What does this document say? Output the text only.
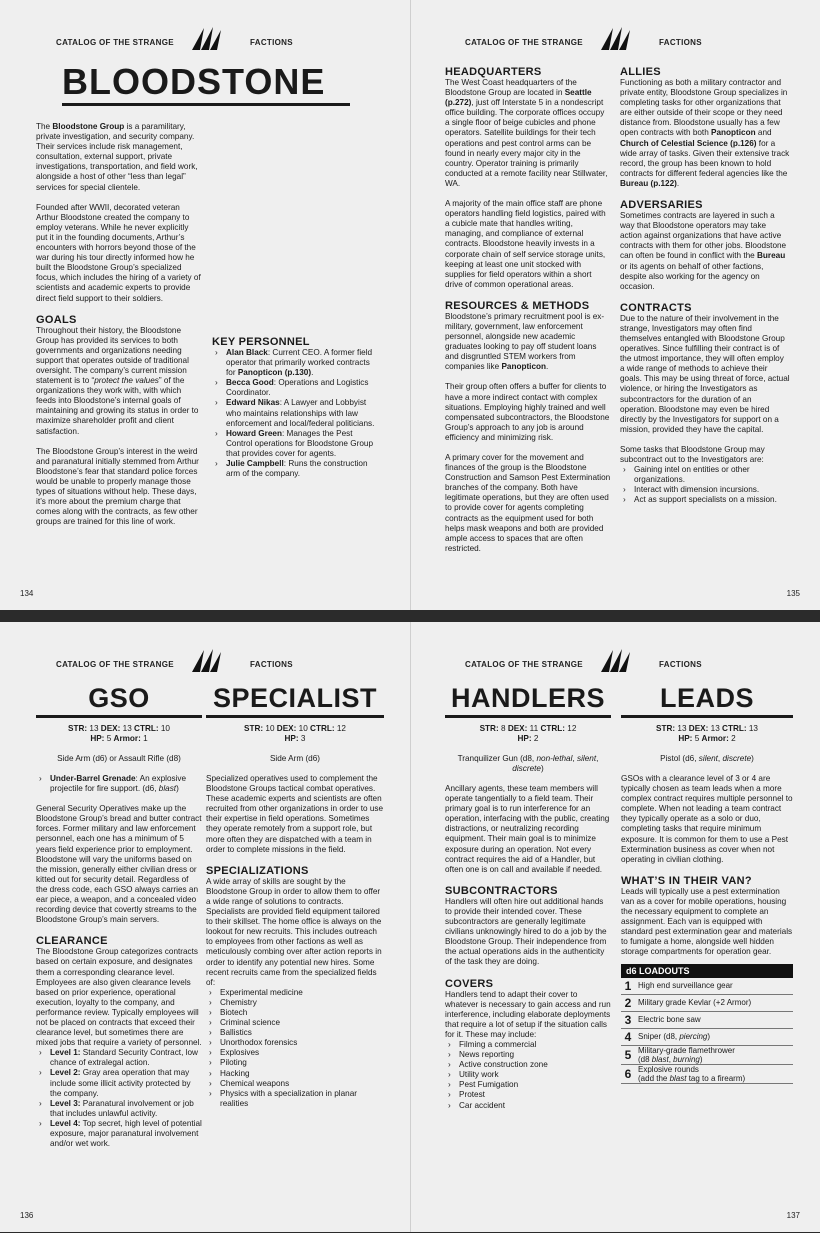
CATALOG OF THE STRANGE	FACTIONS
BLOODSTONE

The Bloodstone Group is a paramilitary, private investigation, and security company. Their services include risk management, consultation, external support, private investigations, transportation, and field work, alongside a host of other “less than legal” services for special clientele.

Founded after WWII, decorated veteran Arthur Bloodstone created the company to employ veterans. While he never explicitly put it in the founding documents, Arthur’s encounters with horrors beyond those of the war during his tour directly informed how he built the Bloodstone Group’s specialized focus, which includes the hiring of a variety of scientists and academic experts to provide direct field support to their soldiers.

GOALS

Throughout their history, the Bloodstone Group has provided its services to both governments and organizations needing support that operates outside of traditional oversight. The company’s current mission statement is to “protect the values” of the organizations they work with, with which feeds into Bloodstone’s internal goals of maintaining and growing its status in order to maximize shareholder profit and client satisfaction.

The Bloodstone Group’s interest in the weird and paranatural initially stemmed from Arthur Bloodstone’s fear that standard police forces would be unable to properly manage those types of situations without help. These days, it’s more about the premium charge that comes along with the contracts, as few other groups are trained for this line of work.

KEY PERSONNEL
› Alan Black: Current CEO. A former field operator that primarily worked contracts for Panopticon (p.130).
› Becca Good: Operations and Logistics Coordinator.
› Edward Nikas: A Lawyer and Lobbyist who maintains relationships with law enforcement and local/federal politicians.
› Howard Green: Manages the Pest Control operations for Bloodstone Group that provides cover for agents.
› Julie Campbell: Runs the construction arm of the company.
134
CATALOG OF THE STRANGE	FACTIONS
HEADQUARTERS

The West Coast headquarters of the Bloodstone Group are located in Seattle (p.272), just off Interstate 5 in a nondescript office building. The corporate offices occupy a single floor of beige cubicles and phone operators. Satellite buildings for their tech operations and pest control arms can be found in nearly every major city in the country. Operator training is primarily conducted at a remote facility near Stillwater, WA.

A majority of the main office staff are phone operators handling field logistics, paired with a cubicle mate that handles writing, managing, and compliance of external contracts. Bloodstone heavily invests in a corporate chain of self service storage units, keeping at least one unit stocked with supplies for field operators within a short drive of common operational areas.

RESOURCES & METHODS

Bloodstone’s primary recruitment pool is ex-military, government, law enforcement personnel, alongside new academic graduates looking to pay off student loans and disgruntled STEM workers from companies like Panopticon.

Their group often offers a buffer for clients to have a more indirect contact with complex situations. Employing highly trained and well compensated subcontractors, the Bloodstone Group’s approach to any job is around efficiency and minimizing risk.

A primary cover for the movement and finances of the group is the Bloodstone Construction and Samson Pest Extermination branches of the company. Both have legitimate operations, but they are often used to provide cover for agents completing contracts as the equipment used for both helps mask weapons and both are provided ample access to spaces that are often restricted.

ALLIES

Functioning as both a military contractor and private entity, Bloodstone Group specializes in completing tasks for other organizations that are either outside of their scope or they need distance from. Bloodstone usually has a few open contracts with both Panopticon and Church of Celestial Science (p.126) for a wide array of tasks. Given their extensive track record, the group has been known to hold contracts for different federal agencies like the Bureau (p.122).

ADVERSARIES

Sometimes contracts are layered in such a way that Bloodstone operators may take action against organizations that have active contracts with them for other jobs. Bloodstone can often be found in conflict with the Bureau or its agents on behalf of other factions, despite also working for the agency on occasion.

CONTRACTS

Due to the nature of their involvement in the strange, Investigators may often find themselves entangled with Bloodstone Group operatives. Since fulfilling their contract is of the utmost importance, they will often employ a wide range of methods to achieve their goals. This may be using threat of force, actual violence, or hiring the Investigators as subcontractors for the duration of an operation. Bloodstone may even be hired directly by the Investigators for support on a mission, provided they have the capital.

Some tasks that Bloodstone Group may subcontract out to the Investigators are:

› Gaining intel on entities or other organizations.
› Interact with dimension incursions.
› Act as support specialists on a mission.
135
CATALOG OF THE STRANGE	FACTIONS
GSO
STR: 13 DEX: 13 CTRL: 10
HP: 5 Armor: 1
Side Arm (d6) or Assault Rifle (d8)
› Under-Barrel Grenade: An explosive projectile for fire support. (d6, blast)

General Security Operatives make up the Bloodstone Group’s bread and butter contract forces. Former military and law enforcement personnel, each one has a minimum of 5 years field experience prior to employment. Bloodstone will vary the uniforms based on the mission, generally either civilian dress or kitted out for security detail. Regardless of the dress code, each GSO always carries an ear piece, a weapon, and a concealed video recording device that covertly streams to the Bloodstone Group’s main servers.

CLEARANCE

The Bloodstone Group categorizes contracts based on certain exposure, and designates them a corresponding clearance level. Employees are also given clearance levels based on prior experience, operational execution, loyalty to the company, and performance review. Typically employees will not be placed on contracts that exceed their clearance level, but sometimes there are mixed jobs that require a variety of personnel.

› Level 1: Standard Security Contract, low chance of extralegal action.
› Level 2: Gray area operation that may include some illicit activity protected by the company.
› Level 3: Paranatural involvement or job that includes unlawful activity.
› Level 4: Top secret, high level of potential exposure, major paranatural involvement and/or wet work.
SPECIALIST
STR: 10 DEX: 10 CTRL: 12
HP: 3
Side Arm (d6)

Specialized operatives used to complement the Bloodstone Groups tactical combat operatives. These academic experts and scientists are often recruited from other organizations in order to use their expertise in field operations. Sometimes they operate remotely from a support role, but more often they are dispatched with a team in order to complete missions in the field.

SPECIALIZATIONS

A wide array of skills are sought by the Bloodstone Group in order to allow them to offer a wide range of solutions to contracts. Specialists are provided field equipment tailored to their skillset. The home office is always on the lookout for new recruits. This includes outreach to employees from other factions as well as meticulously combing over after action reports in order to identify any potential new hires. Some recent recruits came from the specialized fields of:

› Experimental medicine
› Chemistry
› Biotech
› Criminal science
› Ballistics
› Unorthodox forensics
› Explosives
› Piloting
› Hacking
› Chemical weapons
› Physics with a specialization in planar realities
136
CATALOG OF THE STRANGE	FACTIONS
HANDLERS
STR: 8 DEX: 11 CTRL: 12
HP: 2
Tranquilizer Gun (d8, non-lethal, silent,
discrete)

Ancillary agents, these team members will operate tangentially to a field team. Their primary goal is to run interference for an operation, interfacing with the public, creating distractions, or neutralizing recording equipment. Their main goal is to minimize exposure during an operation. Not every contract requires the aid of a Handler, but often one is on call and available if needed.

SUBCONTRACTORS

Handlers will often hire out additional hands to provide their intended cover. These subcontractors are generally legitimate civilians unknowingly hired to do a job by the Bloodstone Group. Their independence from the actual operations aids in the authenticity of the task they are doing.

COVERS

Handlers tend to adapt their cover to whatever is necessary to gain access and run interference, including elaborate deployments that require a lot of setup if the situation calls for it. These may include:

› Filming a commercial
› News reporting
› Active construction zone
› Utility work
› Pest Fumigation
› Protest
› Car accident
LEADS
STR: 13 DEX: 13 CTRL: 13
HP: 5 Armor: 2
Pistol (d6, silent, discrete)

GSOs with a clearance level of 3 or 4 are typically chosen as team leads when a more complex contract requires multiple personnel to complete. When not leading a team contract they typically operate as a solo or duo, completing tasks that require minimum exposure. It is common for them to use a Pest Extermination business as cover when not operating in civilian clothing.

WHAT’S IN THEIR VAN?

Leads will typically use a pest extermination van as a cover for mobile operations, housing the necessary equipment to complete an assignment. Each van is equipped with standard pest extermination gear and materials to fumigate a home, alongside well hidden storage compartments for operation gear.

d6 LOADOUTS
1 High end surveillance gear
2 Military grade Kevlar (+2 Armor)
3 Electric bone saw
4 Sniper (d8, piercing)
5 Military-grade flamethrower
(d8 blast, burning)
6 Explosive rounds
(add the blast tag to a firearm)
137
